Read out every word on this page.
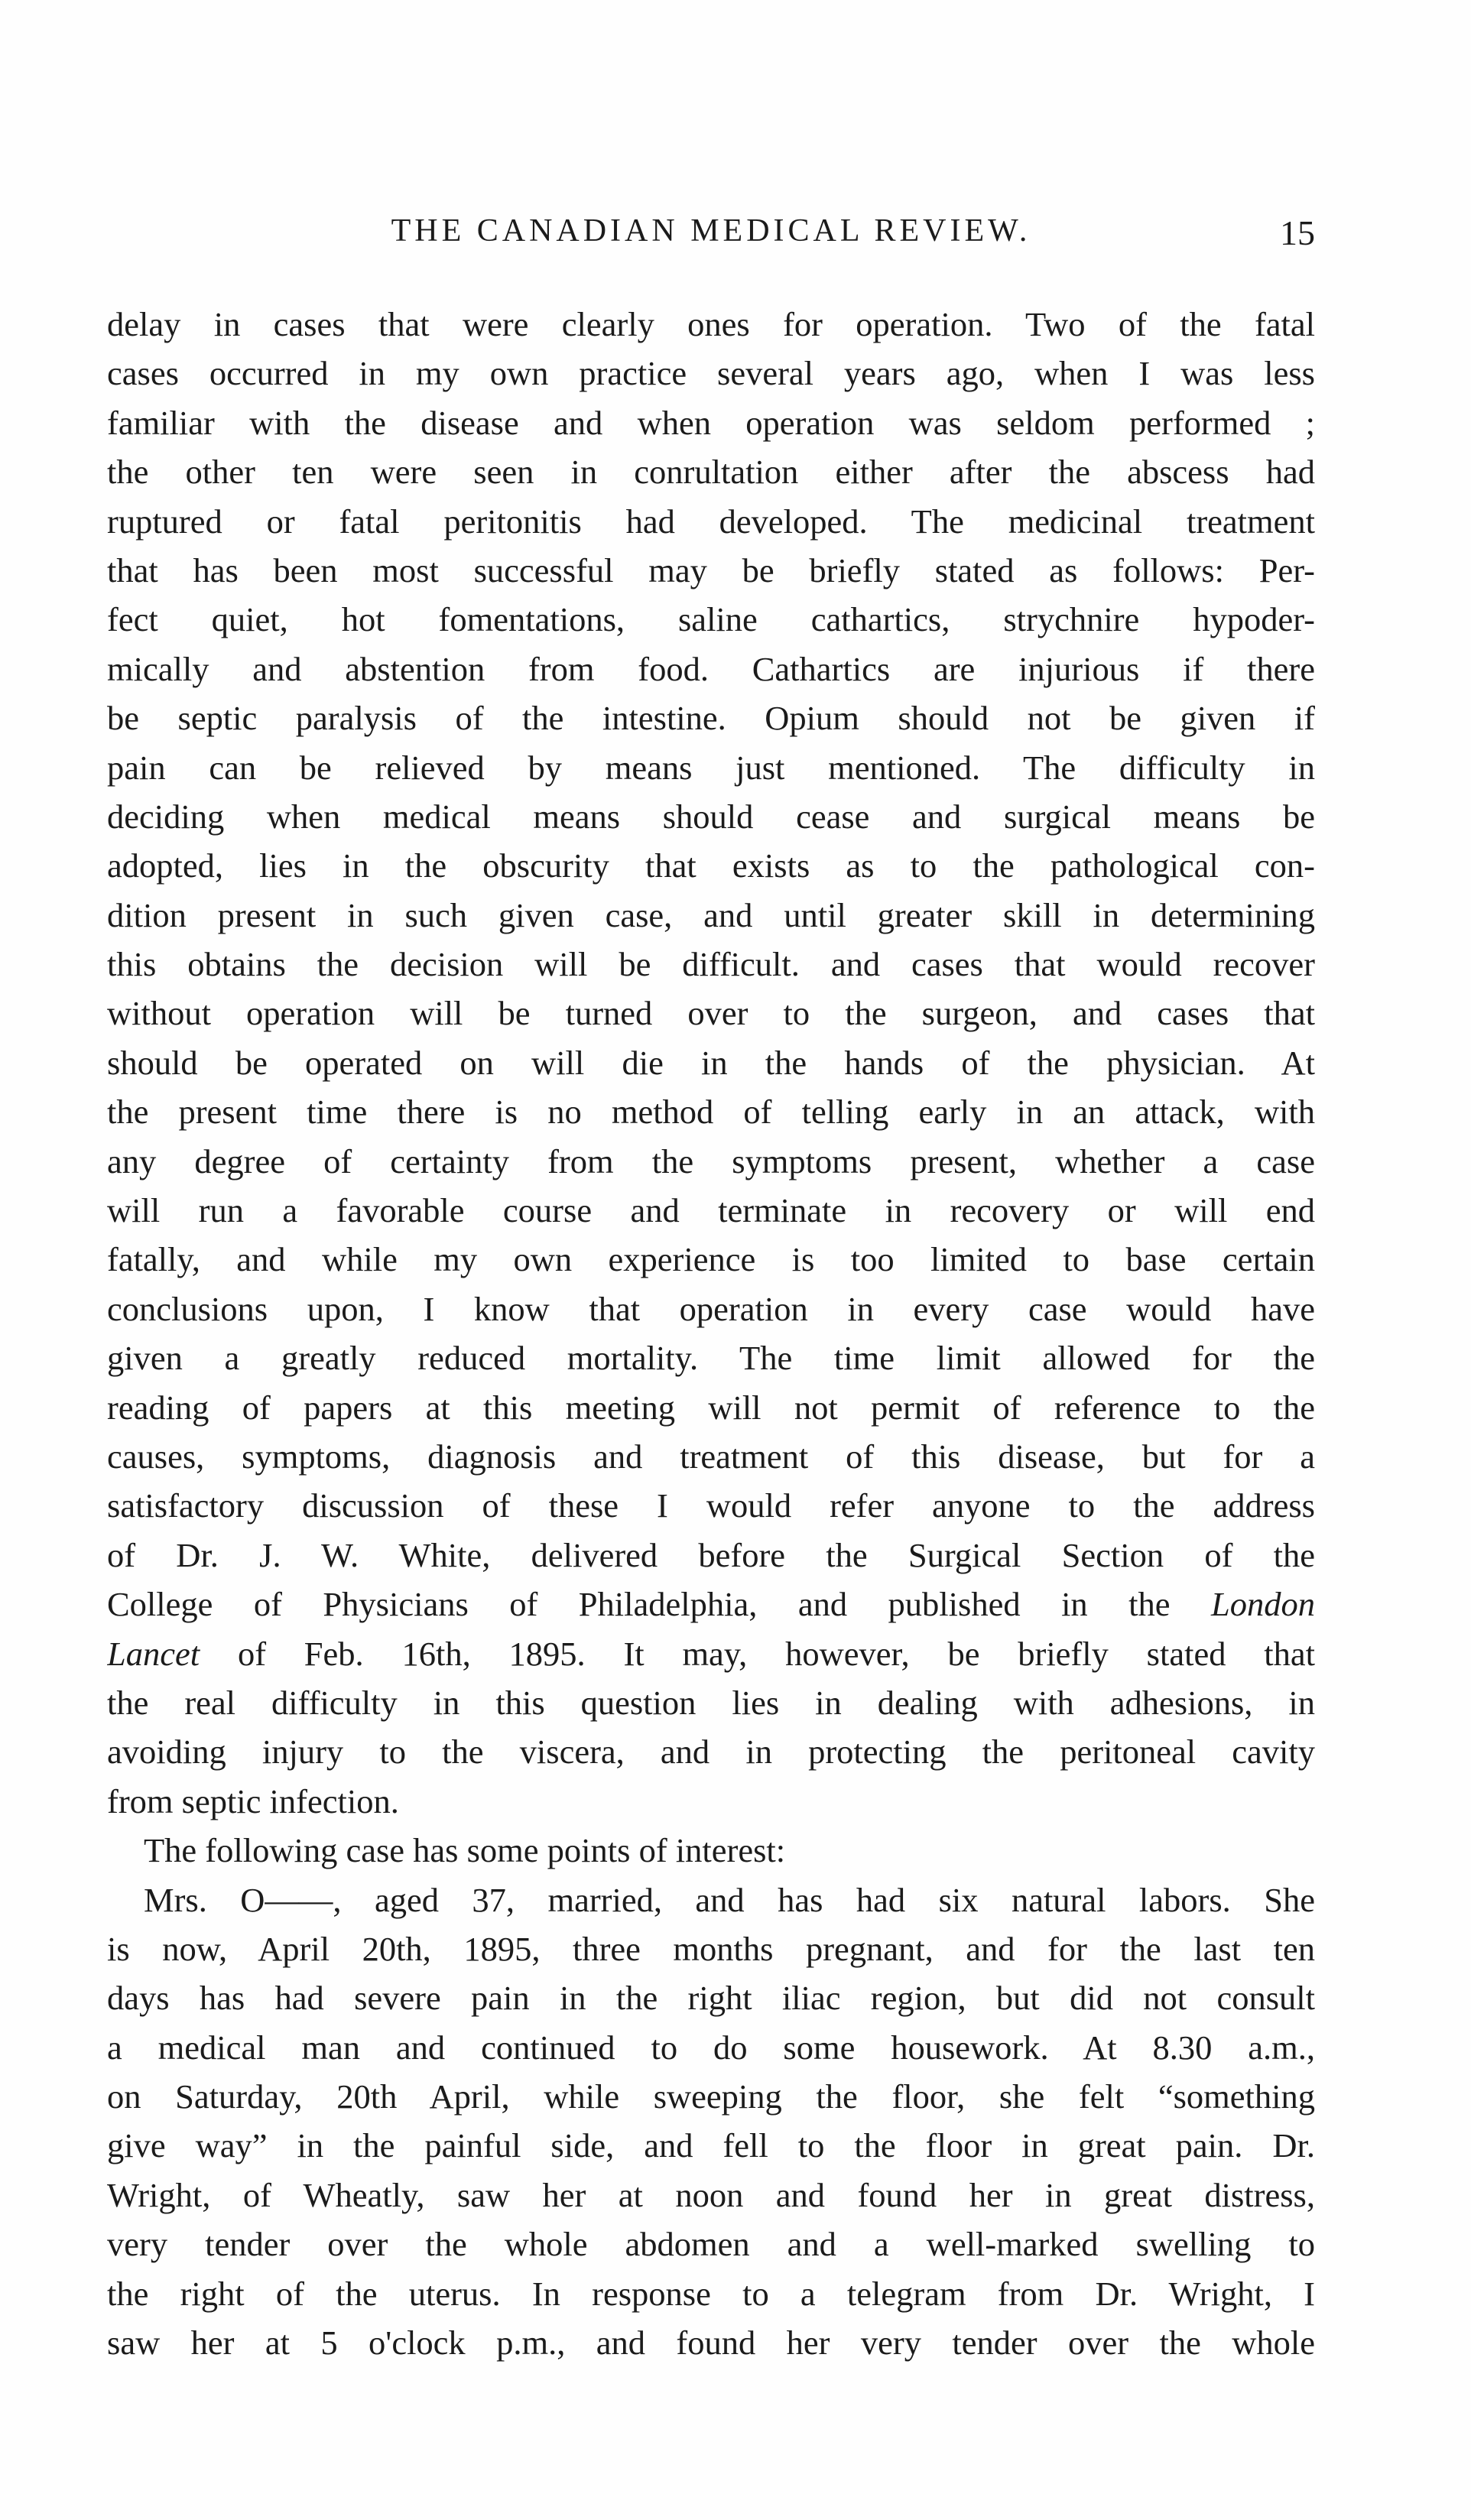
THE CANADIAN MEDICAL REVIEW.	15
delay in cases that were clearly ones for operation. Two of the fatal
cases occurred in my own practice several years ago, when I was less
familiar with the disease and when operation was seldom performed ;
the other ten were seen in conrultation either after the abscess had
ruptured or fatal peritonitis had developed. The medicinal treatment
that has been most successful may be briefly stated as follows: Per-
fect quiet, hot fomentations, saline cathartics, strychnire hypoder-
mically and abstention from food. Cathartics are injurious if there
be septic paralysis of the intestine. Opium should not be given if
pain can be relieved by means just mentioned. The difficulty in
deciding when medical means should cease and surgical means be
adopted, lies in the obscurity that exists as to the pathological con-
dition present in such given case, and until greater skill in determining
this obtains the decision will be difficult. and cases that would recover
without operation will be turned over to the surgeon, and cases that
should be operated on will die in the hands of the physician. At
the present time there is no method of telling early in an attack, with
any degree of certainty from the symptoms present, whether a case
will run a favorable course and terminate in recovery or will end
fatally, and while my own experience is too limited to base certain
conclusions upon, I know that operation in every case would have
given a greatly reduced mortality. The time limit allowed for the
reading of papers at this meeting will not permit of reference to the
causes, symptoms, diagnosis and treatment of this disease, but for a
satisfactory discussion of these I would refer anyone to the address
of Dr. J. W. White, delivered before the Surgical Section of the
College of Physicians of Philadelphia, and published in the London
Lancet of Feb. 16th, 1895. It may, however, be briefly stated that
the real difficulty in this question lies in dealing with adhesions, in
avoiding injury to the viscera, and in protecting the peritoneal cavity
from septic infection.
The following case has some points of interest:
Mrs. O——, aged 37, married, and has had six natural labors. She
is now, April 20th, 1895, three months pregnant, and for the last ten
days has had severe pain in the right iliac region, but did not consult
a medical man and continued to do some housework. At 8.30 a.m.,
on Saturday, 20th April, while sweeping the floor, she felt “something
give way” in the painful side, and fell to the floor in great pain. Dr.
Wright, of Wheatly, saw her at noon and found her in great distress,
very tender over the whole abdomen and a well-marked swelling to
the right of the uterus. In response to a telegram from Dr. Wright, I
saw her at 5 o'clock p.m., and found her very tender over the whole
